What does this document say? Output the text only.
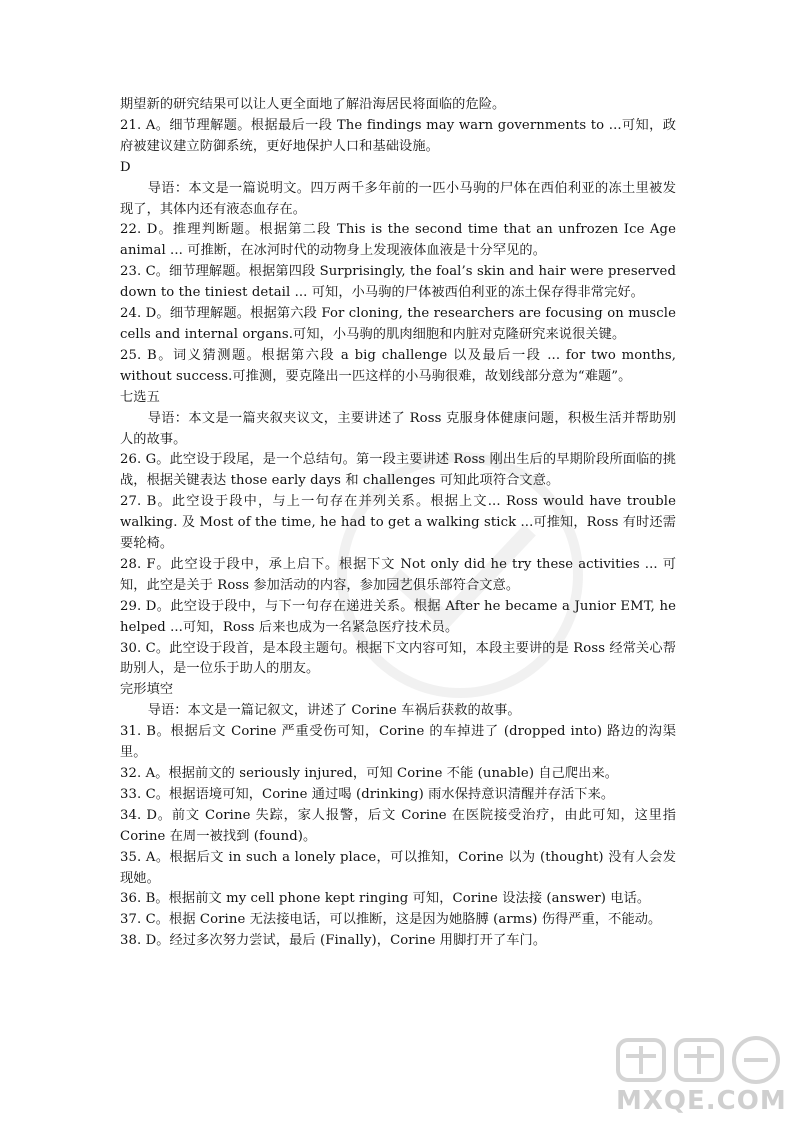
期望新的研究结果可以让人更全面地了解沿海居民将面临的危险。

21. A。细节理解题。根据最后一段 The findings may warn governments to ...可知，政府被建议建立防御系统，更好地保护人口和基础设施。

D

导语：本文是一篇说明文。四万两千多年前的一匹小马驹的尸体在西伯利亚的冻土里被发现了，其体内还有液态血存在。

22. D。推理判断题。根据第二段 This is the second time that an unfrozen Ice Age animal ... 可推断，在冰河时代的动物身上发现液体血液是十分罕见的。

23. C。细节理解题。根据第四段 Surprisingly, the foal’s skin and hair were preserved down to the tiniest detail ... 可知，小马驹的尸体被西伯利亚的冻土保存得非常完好。

24. D。细节理解题。根据第六段 For cloning, the researchers are focusing on muscle cells and internal organs.可知，小马驹的肌肉细胞和内脏对克隆研究来说很关键。

25. B。词义猜测题。根据第六段 a big challenge 以及最后一段 ... for two months, without success.可推测，要克隆出一匹这样的小马驹很难，故划线部分意为“难题”。

七选五

导语：本文是一篇夹叙夹议文，主要讲述了 Ross 克服身体健康问题，积极生活并帮助别人的故事。

26. G。此空设于段尾，是一个总结句。第一段主要讲述 Ross 刚出生后的早期阶段所面临的挑战，根据关键表达 those early days 和 challenges 可知此项符合文意。

27. B。此空设于段中，与上一句存在并列关系。根据上文... Ross would have trouble walking. 及 Most of the time, he had to get a walking stick ...可推知，Ross 有时还需要轮椅。

28. F。此空设于段中，承上启下。根据下文 Not only did he try these activities ... 可知，此空是关于 Ross 参加活动的内容，参加园艺俱乐部符合文意。

29. D。此空设于段中，与下一句存在递进关系。根据 After he became a Junior EMT, he helped ...可知，Ross 后来也成为一名紧急医疗技术员。

30. C。此空设于段首，是本段主题句。根据下文内容可知，本段主要讲的是 Ross 经常关心帮助别人，是一位乐于助人的朋友。

完形填空

导语：本文是一篇记叙文，讲述了 Corine 车祸后获救的故事。

31. B。根据后文 Corine 严重受伤可知，Corine 的车掉进了 (dropped into) 路边的沟渠里。

32. A。根据前文的 seriously injured，可知 Corine 不能 (unable) 自己爬出来。

33. C。根据语境可知，Corine 通过喝 (drinking) 雨水保持意识清醒并存活下来。

34. D。前文 Corine 失踪，家人报警，后文 Corine 在医院接受治疗，由此可知，这里指 Corine 在周一被找到 (found)。

35. A。根据后文 in such a lonely place，可以推知，Corine 以为 (thought) 没有人会发现她。

36. B。根据前文 my cell phone kept ringing 可知，Corine 设法接 (answer) 电话。

37. C。根据 Corine 无法接电话，可以推断，这是因为她胳膊 (arms) 伤得严重，不能动。

38. D。经过多次努力尝试，最后 (Finally)，Corine 用脚打开了车门。

MXQE.COM
